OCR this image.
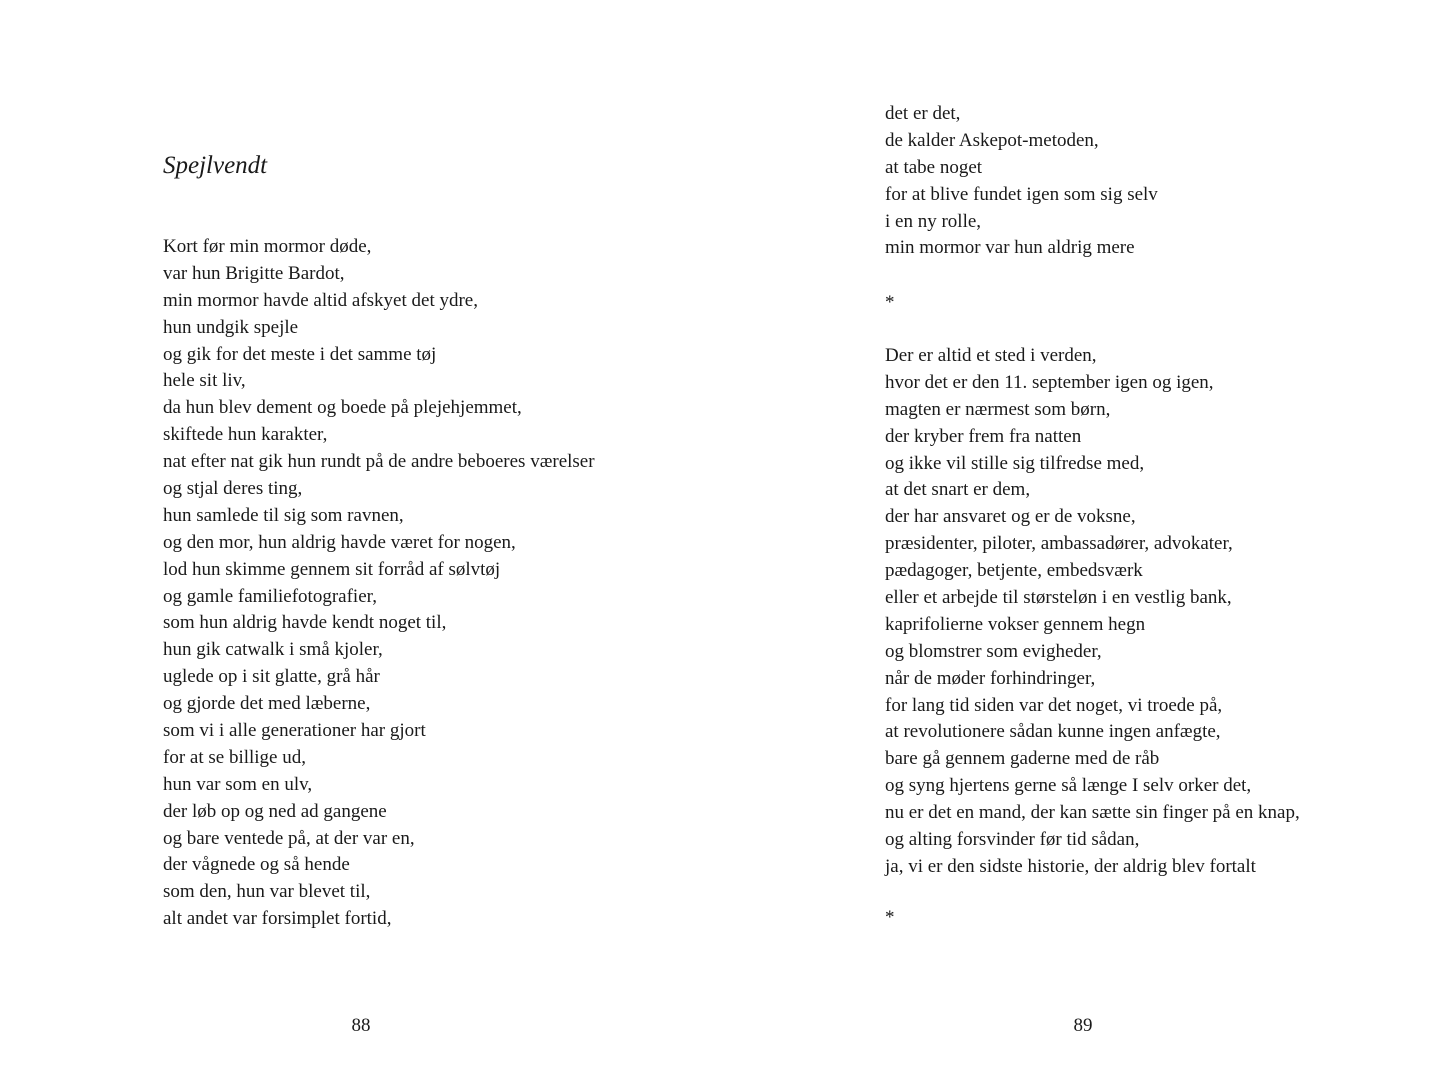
Spejlvendt
Kort før min mormor døde,
var hun Brigitte Bardot,
min mormor havde altid afskyet det ydre,
hun undgik spejle
og gik for det meste i det samme tøj
hele sit liv,
da hun blev dement og boede på plejehjemmet,
skiftede hun karakter,
nat efter nat gik hun rundt på de andre beboeres værelser
og stjal deres ting,
hun samlede til sig som ravnen,
og den mor, hun aldrig havde været for nogen,
lod hun skimme gennem sit forråd af sølvtøj
og gamle familiefotografier,
som hun aldrig havde kendt noget til,
hun gik catwalk i små kjoler,
uglede op i sit glatte, grå hår
og gjorde det med læberne,
som vi i alle generationer har gjort
for at se billige ud,
hun var som en ulv,
der løb op og ned ad gangene
og bare ventede på, at der var en,
der vågnede og så hende
som den, hun var blevet til,
alt andet var forsimplet fortid,
88
det er det,
de kalder Askepot-metoden,
at tabe noget
for at blive fundet igen som sig selv
i en ny rolle,
min mormor var hun aldrig mere
*
Der er altid et sted i verden,
hvor det er den 11. september igen og igen,
magten er nærmest som børn,
der kryber frem fra natten
og ikke vil stille sig tilfredse med,
at det snart er dem,
der har ansvaret og er de voksne,
præsidenter, piloter, ambassadører, advokater,
pædagoger, betjente, embedsværk
eller et arbejde til størsteløn i en vestlig bank,
kaprifolierne vokser gennem hegn
og blomstrer som evigheder,
når de møder forhindringer,
for lang tid siden var det noget, vi troede på,
at revolutionere sådan kunne ingen anfægte,
bare gå gennem gaderne med de råb
og syng hjertens gerne så længe I selv orker det,
nu er det en mand, der kan sætte sin finger på en knap,
og alting forsvinder før tid sådan,
ja, vi er den sidste historie, der aldrig blev fortalt
*
89
